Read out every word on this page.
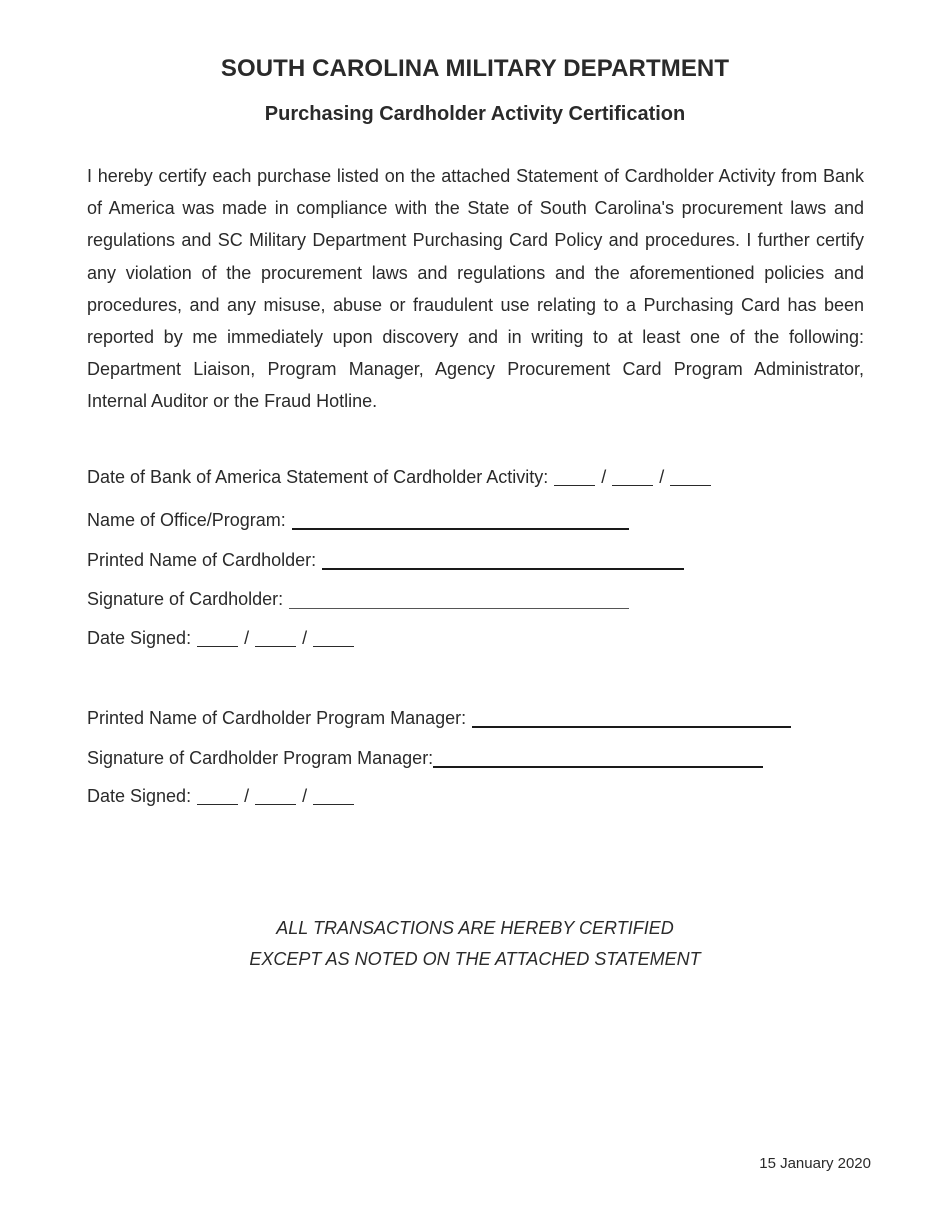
SOUTH CAROLINA MILITARY DEPARTMENT
Purchasing Cardholder Activity Certification
I hereby certify each purchase listed on the attached Statement of Cardholder Activity from Bank of America was made in compliance with the State of South Carolina's procurement laws and regulations and SC Military Department Purchasing Card Policy and procedures. I further certify any violation of the procurement laws and regulations and the aforementioned policies and procedures, and any misuse, abuse or fraudulent use relating to a Purchasing Card has been reported by me immediately upon discovery and in writing to at least one of the following: Department Liaison, Program Manager, Agency Procurement Card Program Administrator, Internal Auditor or the Fraud Hotline.
Date of Bank of America Statement of Cardholder Activity:	/	/
Name of Office/Program:
Printed Name of Cardholder:
Signature of Cardholder:
Date Signed:	/	/
Printed Name of Cardholder Program Manager:
Signature of Cardholder Program Manager:
Date Signed:	/	/
ALL TRANSACTIONS ARE HEREBY CERTIFIED
EXCEPT AS NOTED ON THE ATTACHED STATEMENT
15 January 2020
